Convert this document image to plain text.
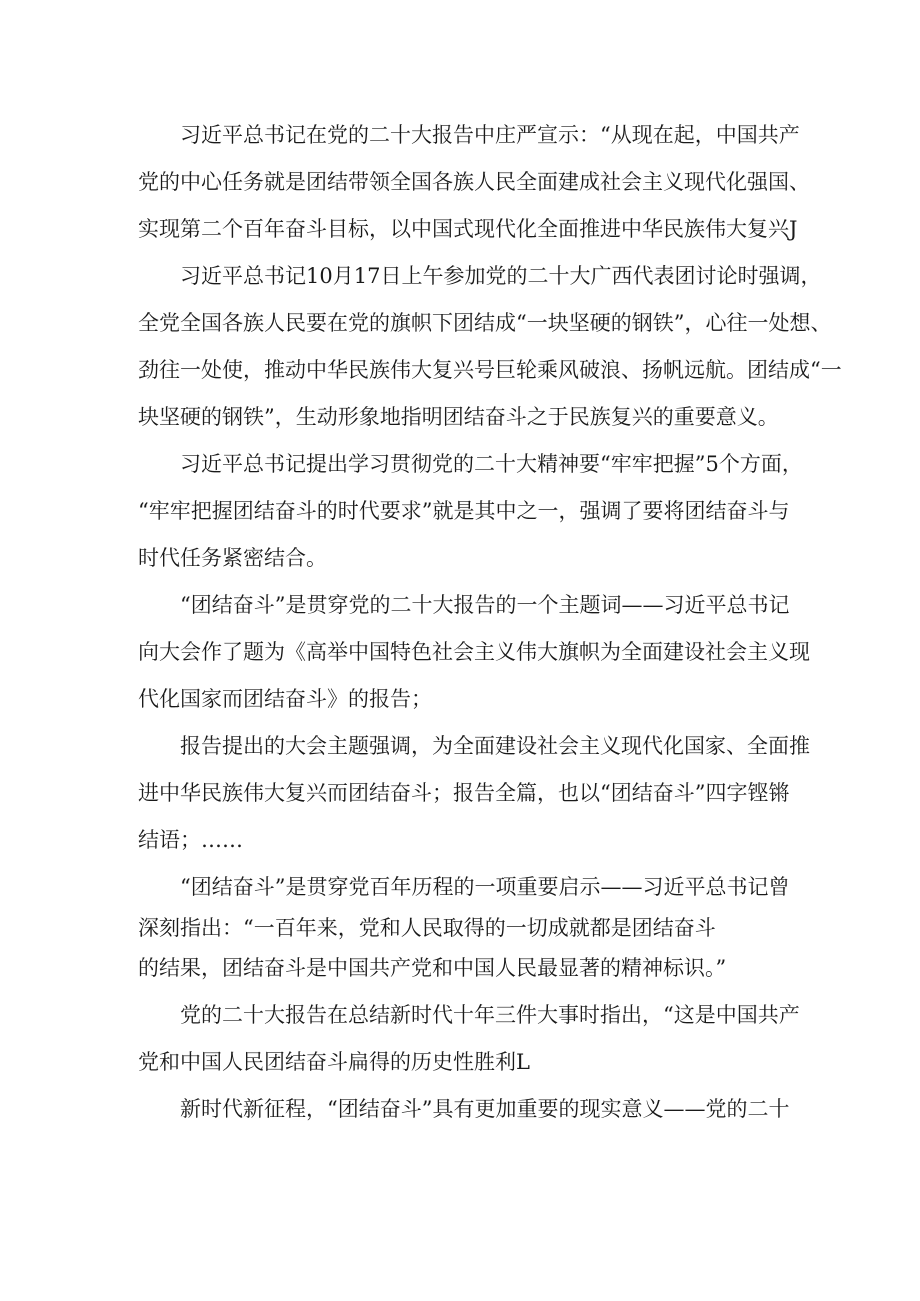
习近平总书记在党的二十大报告中庄严宣示：“从现在起，中国共产
党的中心任务就是团结带领全国各族人民全面建成社会主义现代化强国、
实现第二个百年奋斗目标，以中国式现代化全面推进中华民族伟大复兴J

习近平总书记10月17日上午参加党的二十大广西代表团讨论时强调，
全党全国各族人民要在党的旗帜下团结成“一块坚硬的钢铁”，心往一处想、
劲往一处使，推动中华民族伟大复兴号巨轮乘风破浪、扬帆远航。团结成“一
块坚硬的钢铁”，生动形象地指明团结奋斗之于民族复兴的重要意义。

习近平总书记提出学习贯彻党的二十大精神要“牢牢把握”5个方面，
“牢牢把握团结奋斗的时代要求”就是其中之一，强调了要将团结奋斗与
时代任务紧密结合。

“团结奋斗”是贯穿党的二十大报告的一个主题词——习近平总书记
向大会作了题为《高举中国特色社会主义伟大旗帜为全面建设社会主义现
代化国家而团结奋斗》的报告；

报告提出的大会主题强调，为全面建设社会主义现代化国家、全面推
进中华民族伟大复兴而团结奋斗；报告全篇，也以“团结奋斗”四字铿锵
结语；……

“团结奋斗”是贯穿党百年历程的一项重要启示——习近平总书记曾
深刻指出：“一百年来，党和人民取得的一切成就都是团结奋斗
的结果，团结奋斗是中国共产党和中国人民最显著的精神标识。”

党的二十大报告在总结新时代十年三件大事时指出，“这是中国共产
党和中国人民团结奋斗扁得的历史性胜利L

新时代新征程，“团结奋斗”具有更加重要的现实意义——党的二十
